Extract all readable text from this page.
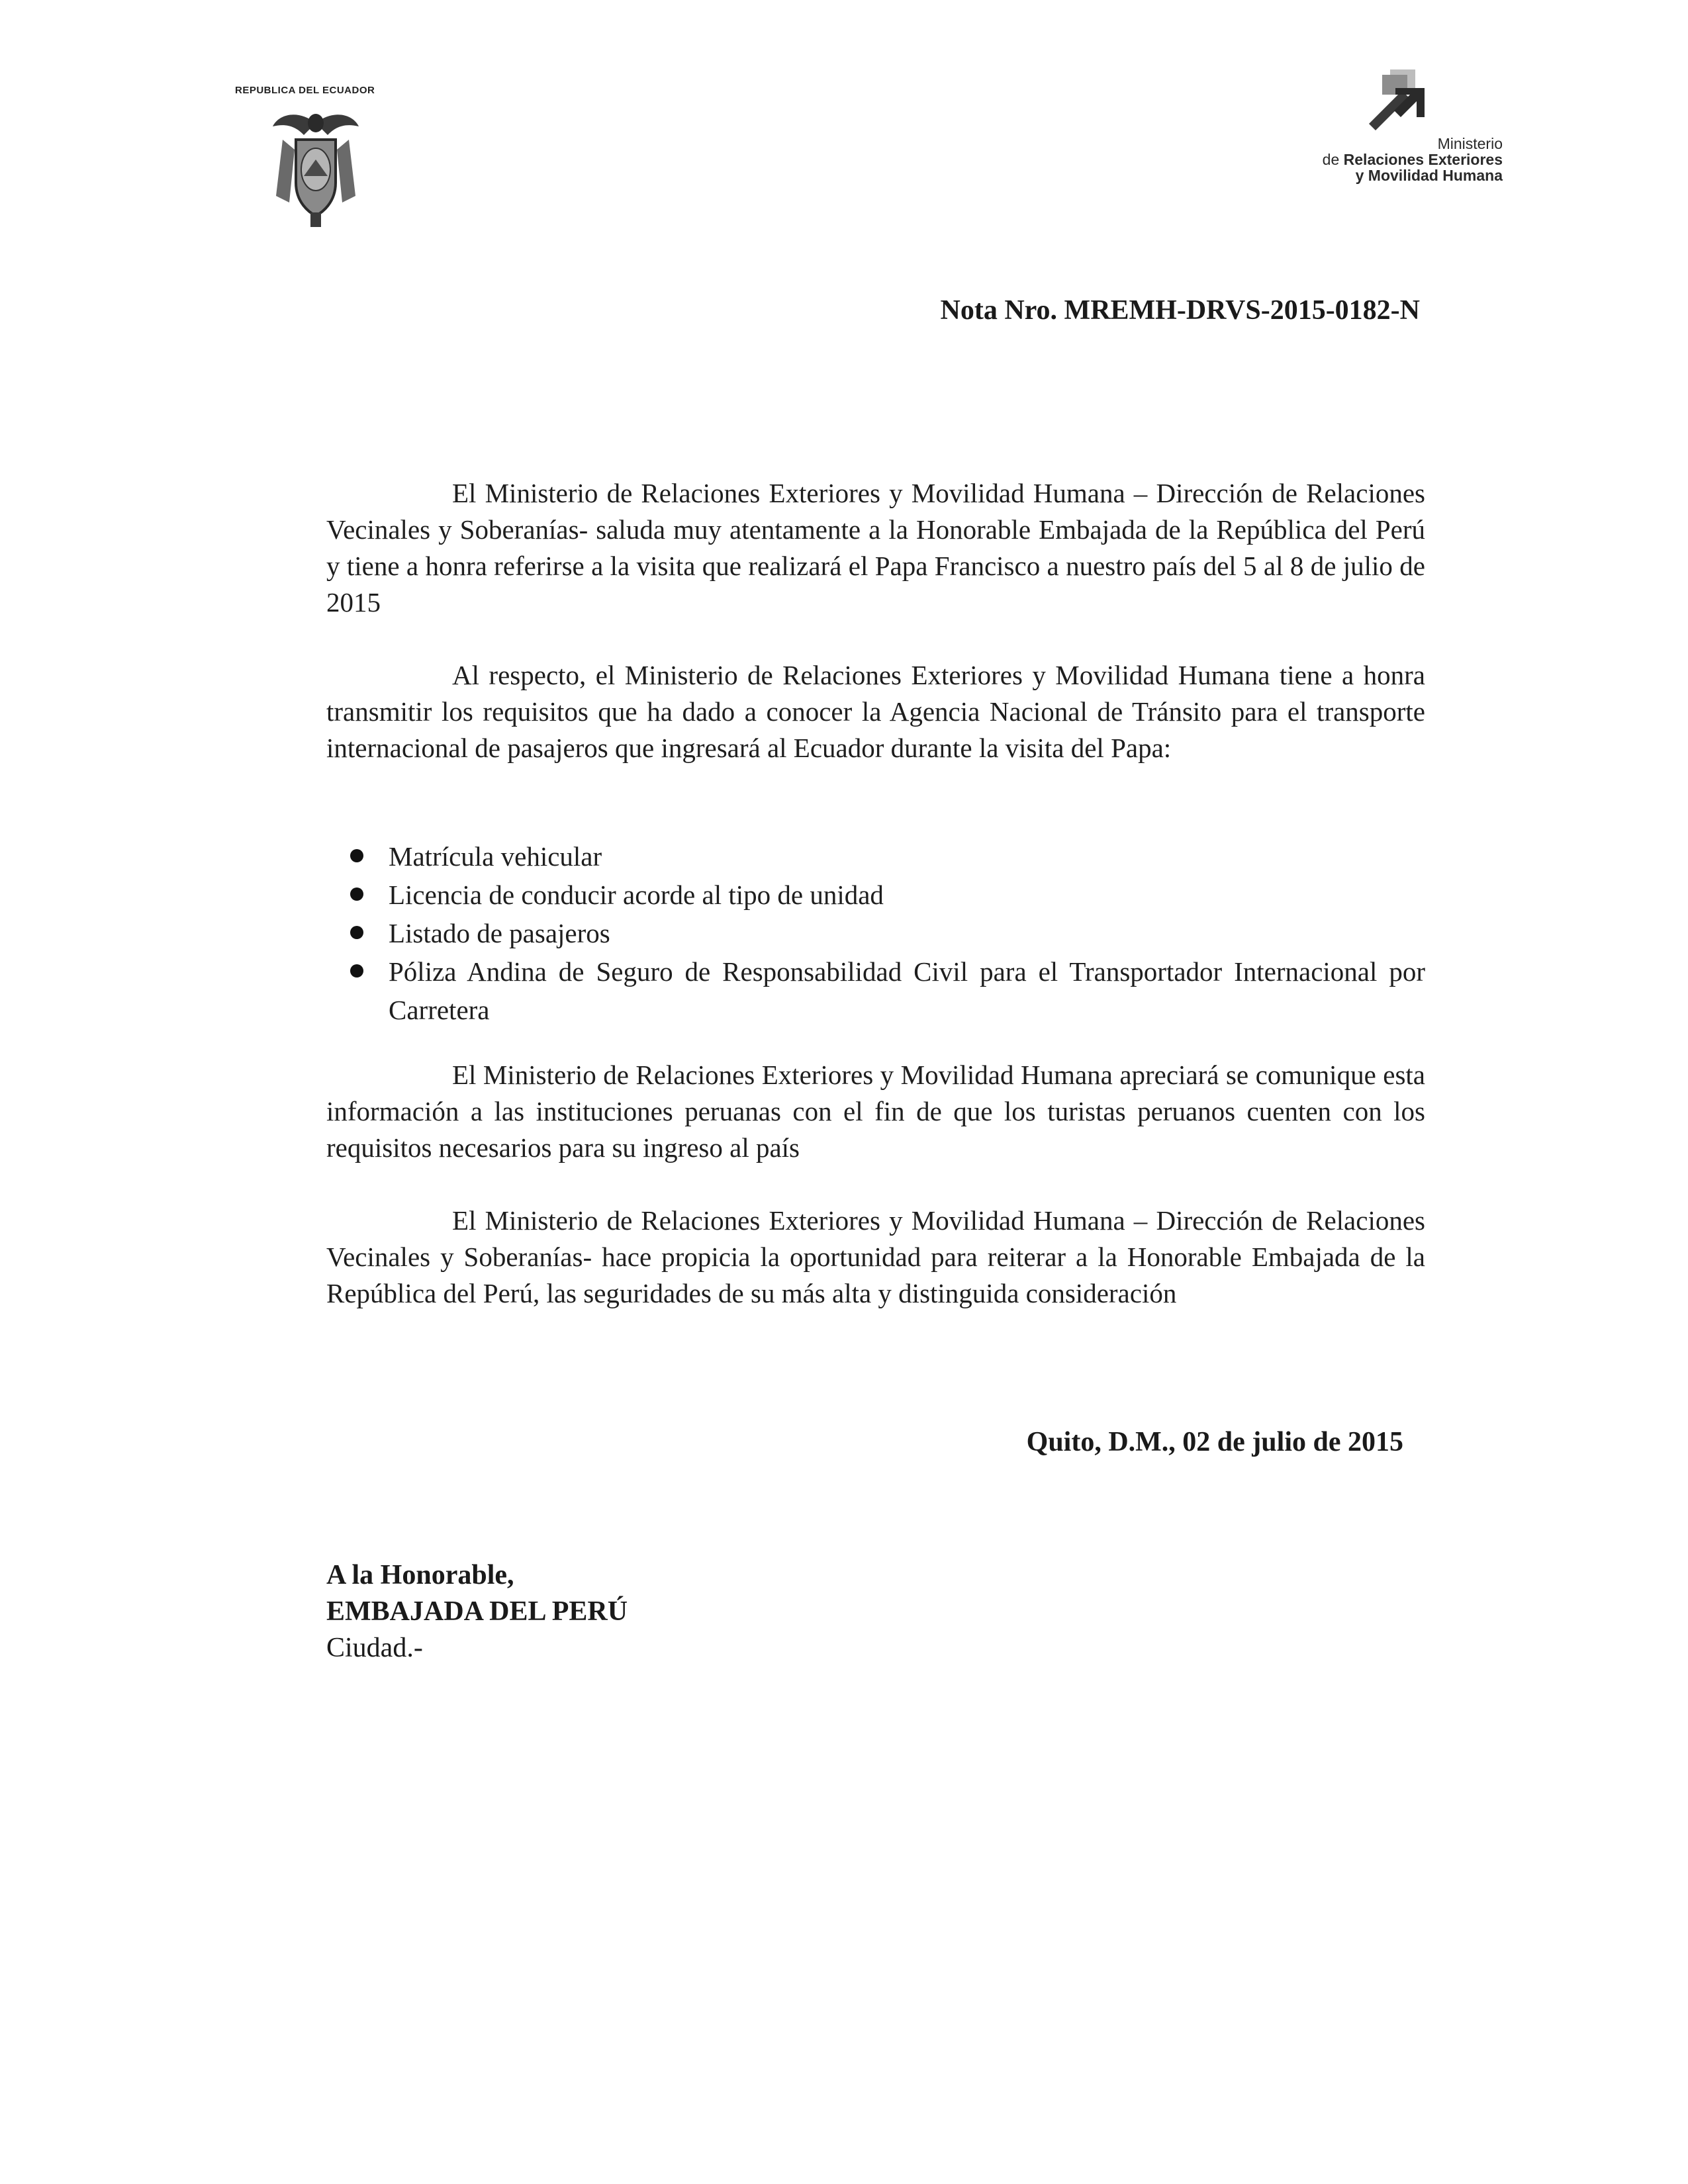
REPUBLICA DEL ECUADOR
Ministerio
de Relaciones Exteriores
y Movilidad Humana
Nota Nro. MREMH-DRVS-2015-0182-N
El Ministerio de Relaciones Exteriores y Movilidad Humana – Dirección de Relaciones Vecinales y Soberanías- saluda muy atentamente a la Honorable Embajada de la República del Perú y tiene a honra referirse a la visita que realizará el Papa Francisco a nuestro país del 5 al 8 de julio de 2015
Al respecto, el Ministerio de Relaciones Exteriores y Movilidad Humana tiene a honra transmitir los requisitos que ha dado a conocer la Agencia Nacional de Tránsito para el transporte internacional de pasajeros que ingresará al Ecuador durante la visita del Papa:
Matrícula vehicular
Licencia de conducir acorde al tipo de unidad
Listado de pasajeros
Póliza Andina de Seguro de Responsabilidad Civil para el Transportador Internacional por Carretera
El Ministerio de Relaciones Exteriores y Movilidad Humana apreciará se comunique esta información a las instituciones peruanas con el fin de que los turistas peruanos cuenten con los requisitos necesarios para su ingreso al país
El Ministerio de Relaciones Exteriores y Movilidad Humana – Dirección de Relaciones Vecinales y Soberanías- hace propicia la oportunidad para reiterar a la Honorable Embajada de la República del Perú, las seguridades de su más alta y distinguida consideración
Quito, D.M., 02 de julio de 2015
A la Honorable,
EMBAJADA DEL PERÚ
Ciudad.-
